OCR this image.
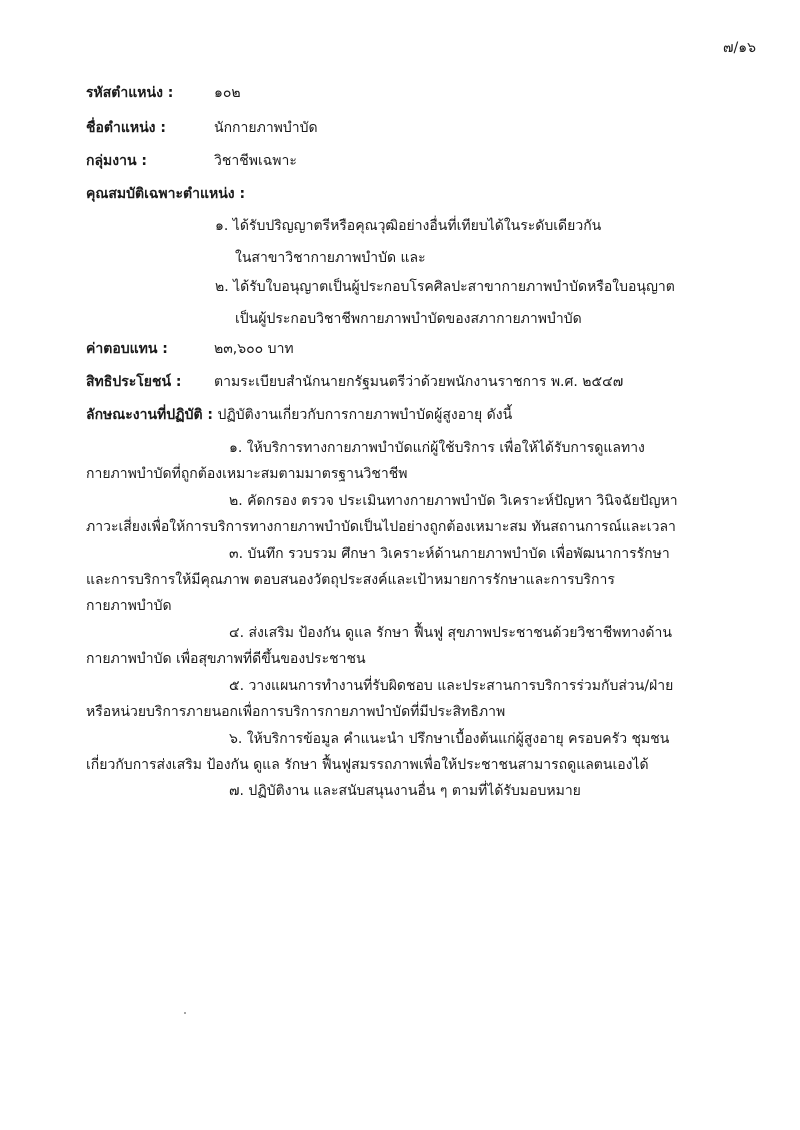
๗/๑๖
รหัสตำแหน่ง :	๑๐๒
ชื่อตำแหน่ง :	นักกายภาพบำบัด
กลุ่มงาน :	วิชาชีพเฉพาะ
คุณสมบัติเฉพาะตำแหน่ง :
๑. ได้รับปริญญาตรีหรือคุณวุฒิอย่างอื่นที่เทียบได้ในระดับเดียวกัน
ในสาขาวิชากายภาพบำบัด และ
๒. ได้รับใบอนุญาตเป็นผู้ประกอบโรคศิลปะสาขากายภาพบำบัดหรือใบอนุญาต
เป็นผู้ประกอบวิชาชีพกายภาพบำบัดของสภากายภาพบำบัด
ค่าตอบแทน :	๒๓,๖๐๐ บาท
สิทธิประโยชน์ : ตามระเบียบสำนักนายกรัฐมนตรีว่าด้วยพนักงานราชการ พ.ศ. ๒๕๔๗
ลักษณะงานที่ปฏิบัติ : ปฏิบัติงานเกี่ยวกับการกายภาพบำบัดผู้สูงอายุ ดังนี้
๑. ให้บริการทางกายภาพบำบัดแก่ผู้ใช้บริการ เพื่อให้ได้รับการดูแลทาง
กายภาพบำบัดที่ถูกต้องเหมาะสมตามมาตรฐานวิชาชีพ
๒. คัดกรอง ตรวจ ประเมินทางกายภาพบำบัด วิเคราะห์ปัญหา วินิจฉัยปัญหา
ภาวะเสี่ยงเพื่อให้การบริการทางกายภาพบำบัดเป็นไปอย่างถูกต้องเหมาะสม ทันสถานการณ์และเวลา
๓. บันทึก รวบรวม ศึกษา วิเคราะห์ด้านกายภาพบำบัด เพื่อพัฒนาการรักษา
และการบริการให้มีคุณภาพ ตอบสนองวัตถุประสงค์และเป้าหมายการรักษาและการบริการ
กายภาพบำบัด
๔. ส่งเสริม ป้องกัน ดูแล รักษา ฟื้นฟู สุขภาพประชาชนด้วยวิชาชีพทางด้าน
กายภาพบำบัด เพื่อสุขภาพที่ดีขึ้นของประชาชน
๕. วางแผนการทำงานที่รับผิดชอบ และประสานการบริการร่วมกับส่วน/ฝ่าย
หรือหน่วยบริการภายนอกเพื่อการบริการกายภาพบำบัดที่มีประสิทธิภาพ
๖. ให้บริการข้อมูล คำแนะนำ ปรึกษาเบื้องต้นแก่ผู้สูงอายุ ครอบครัว ชุมชน
เกี่ยวกับการส่งเสริม ป้องกัน ดูแล รักษา ฟื้นฟูสมรรถภาพเพื่อให้ประชาชนสามารถดูแลตนเองได้
๗. ปฏิบัติงาน และสนับสนุนงานอื่น ๆ ตามที่ได้รับมอบหมาย
